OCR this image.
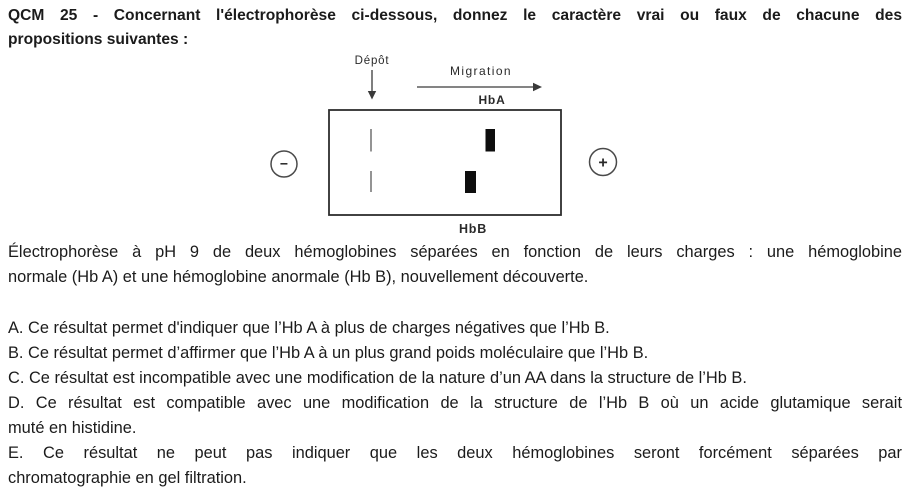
QCM 25 - Concernant l'électrophorèse ci-dessous, donnez le caractère vrai ou faux de chacune des
propositions suivantes :
Dépôt
Migration
HbA
−	+
HbB
Électrophorèse à pH 9 de deux hémoglobines séparées en fonction de leurs charges : une hémoglobine
normale (Hb A) et une hémoglobine anormale (Hb B), nouvellement découverte.
A. Ce résultat permet d'indiquer que l’Hb A à plus de charges négatives que l’Hb B.
B. Ce résultat permet d’affirmer que l’Hb A à un plus grand poids moléculaire que l’Hb B.
C. Ce résultat est incompatible avec une modification de la nature d’un AA dans la structure de l’Hb B.
D. Ce résultat est compatible avec une modification de la structure de l’Hb B où un acide glutamique serait
muté en histidine.
E. Ce résultat ne peut pas indiquer que les deux hémoglobines seront forcément séparées par
chromatographie en gel filtration.
